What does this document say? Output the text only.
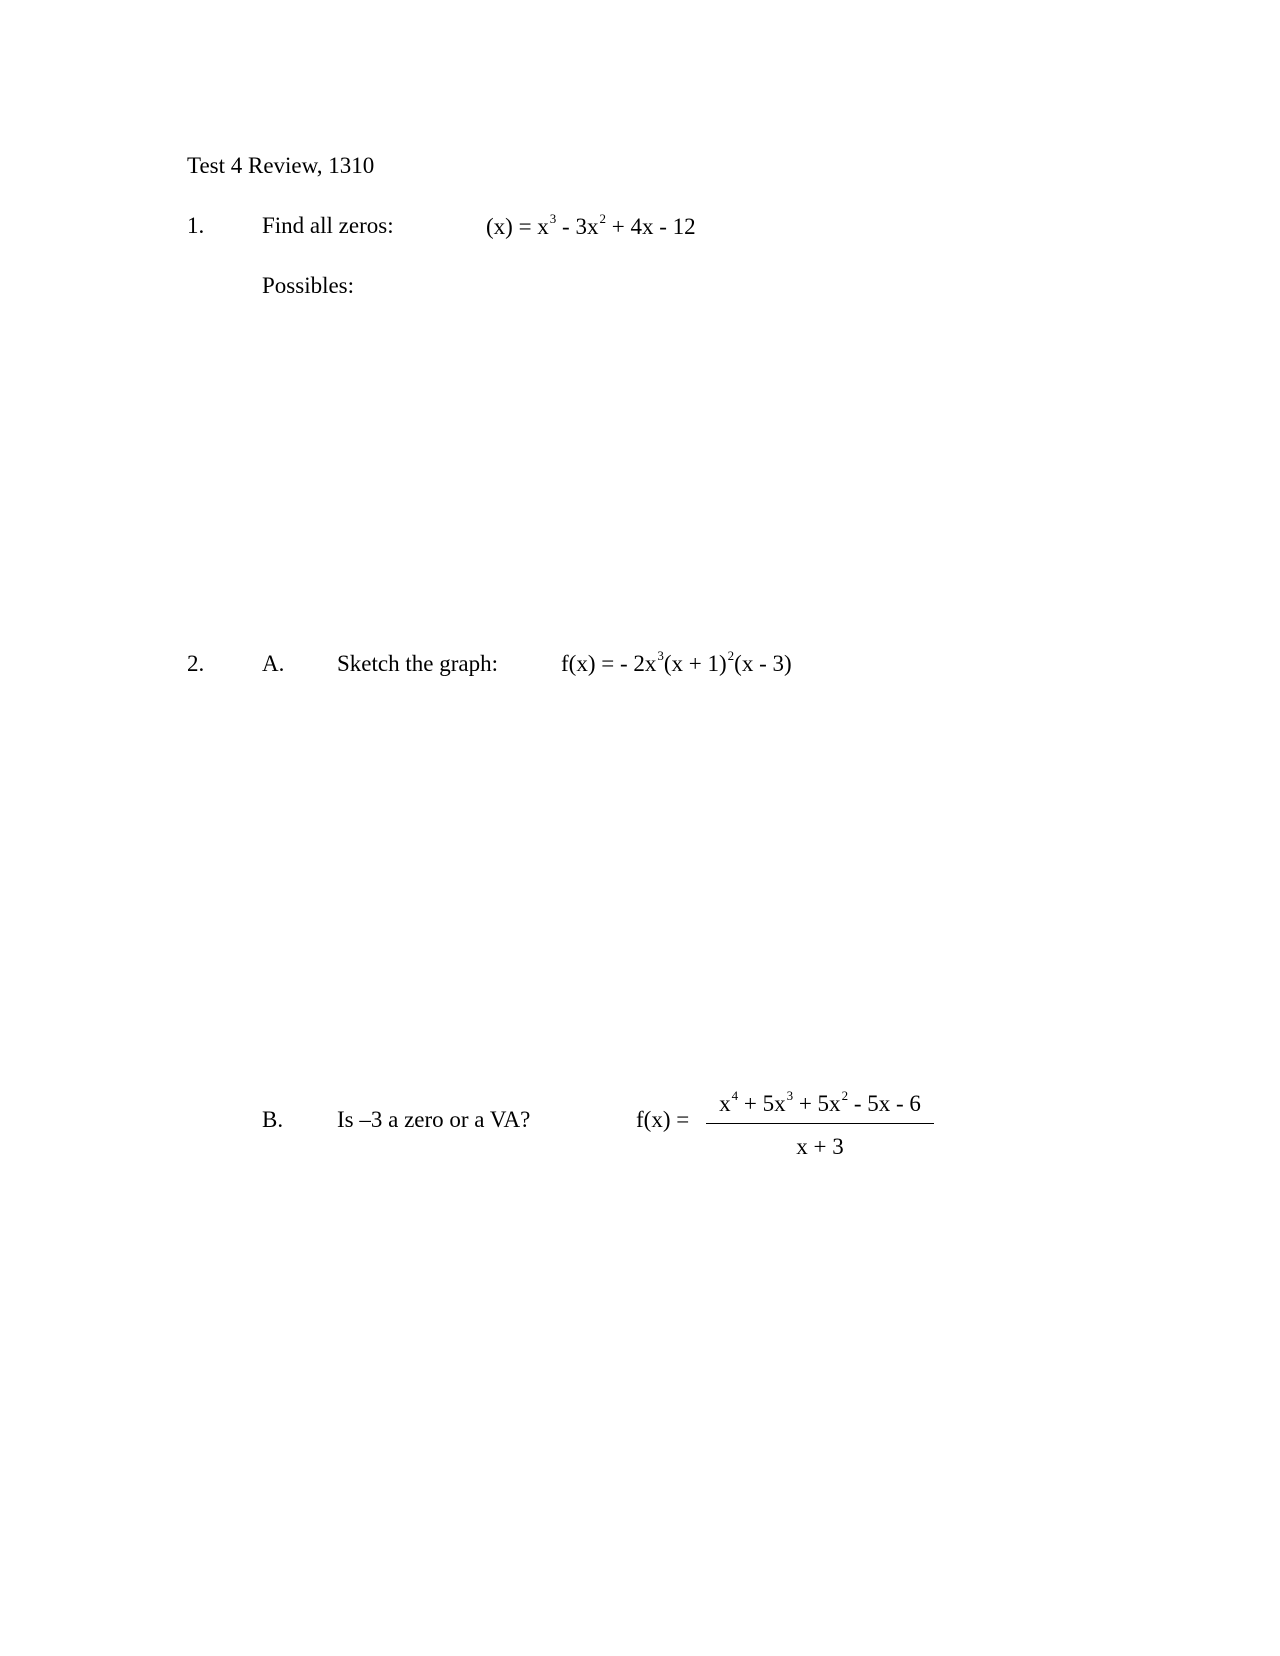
Test 4 Review, 1310
1.	Find all zeros:	$(x) = x^3 - 3x^2 + 4x - 12$
Possibles:
2.	A. Sketch the graph:	f(x) = - $2x^3(x + 1)^2(x - 3)$
B. Is –3 a zero or a VA?	f(x) =
$x^4 + 5x^3 + 5x^2 - 5x - 6$
x + 3
